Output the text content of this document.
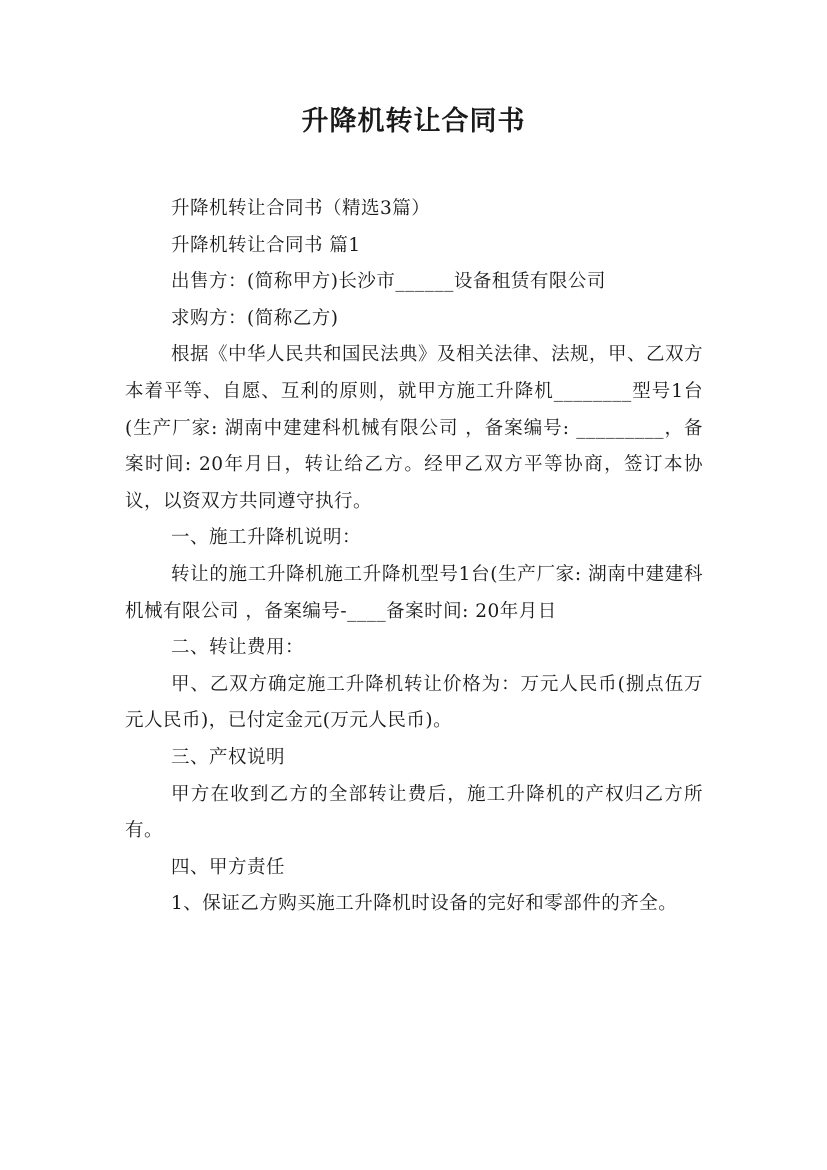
升降机转让合同书

升降机转让合同书（精选3篇）

升降机转让合同书 篇1

出售方：(简称甲方)长沙市______设备租赁有限公司

求购方：(简称乙方)

根据《中华人民共和国民法典》及相关法律、法规，甲、乙双方本着平等、自愿、互利的原则，就甲方施工升降机________型号1台(生产厂家: 湖南中建建科机械有限公司 ，备案编号: _________，备案时间: 20年月日，转让给乙方。经甲乙双方平等协商，签订本协议，以资双方共同遵守执行。

一、施工升降机说明：

转让的施工升降机施工升降机型号1台(生产厂家: 湖南中建建科机械有限公司 ，备案编号-____备案时间: 20年月日

二、转让费用：

甲、乙双方确定施工升降机转让价格为：万元人民币(捌点伍万元人民币)，已付定金元(万元人民币)。

三、产权说明

甲方在收到乙方的全部转让费后，施工升降机的产权归乙方所有。

四、甲方责任

1、保证乙方购买施工升降机时设备的完好和零部件的齐全。
